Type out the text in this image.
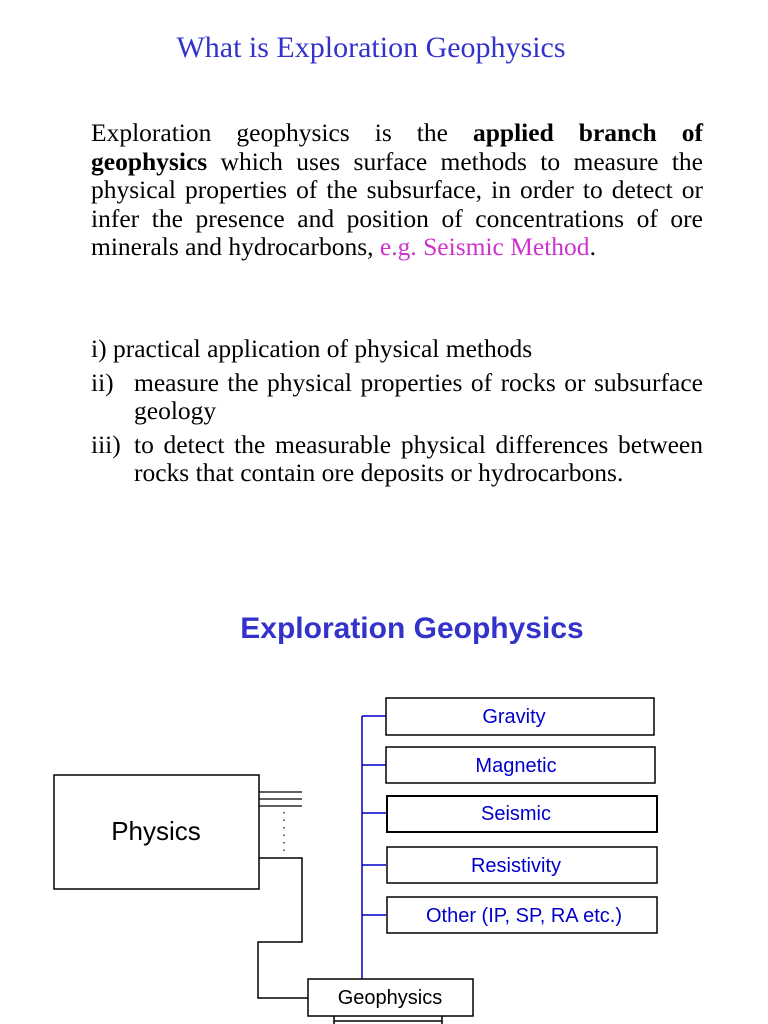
What is Exploration Geophysics
Exploration geophysics is the applied branch of geophysics which uses surface methods to measure the physical properties of the subsurface, in order to detect or infer the presence and position of concentrations of ore minerals and hydrocarbons, e.g. Seismic Method.
i) practical application of physical methods
ii) measure the physical properties of rocks or subsurface geology
iii) to detect the measurable physical differences between rocks that contain ore deposits or hydrocarbons.
Exploration Geophysics
Physics
Gravity
Magnetic
Seismic
Resistivity
Other (IP, SP, RA etc.)
Geophysics
